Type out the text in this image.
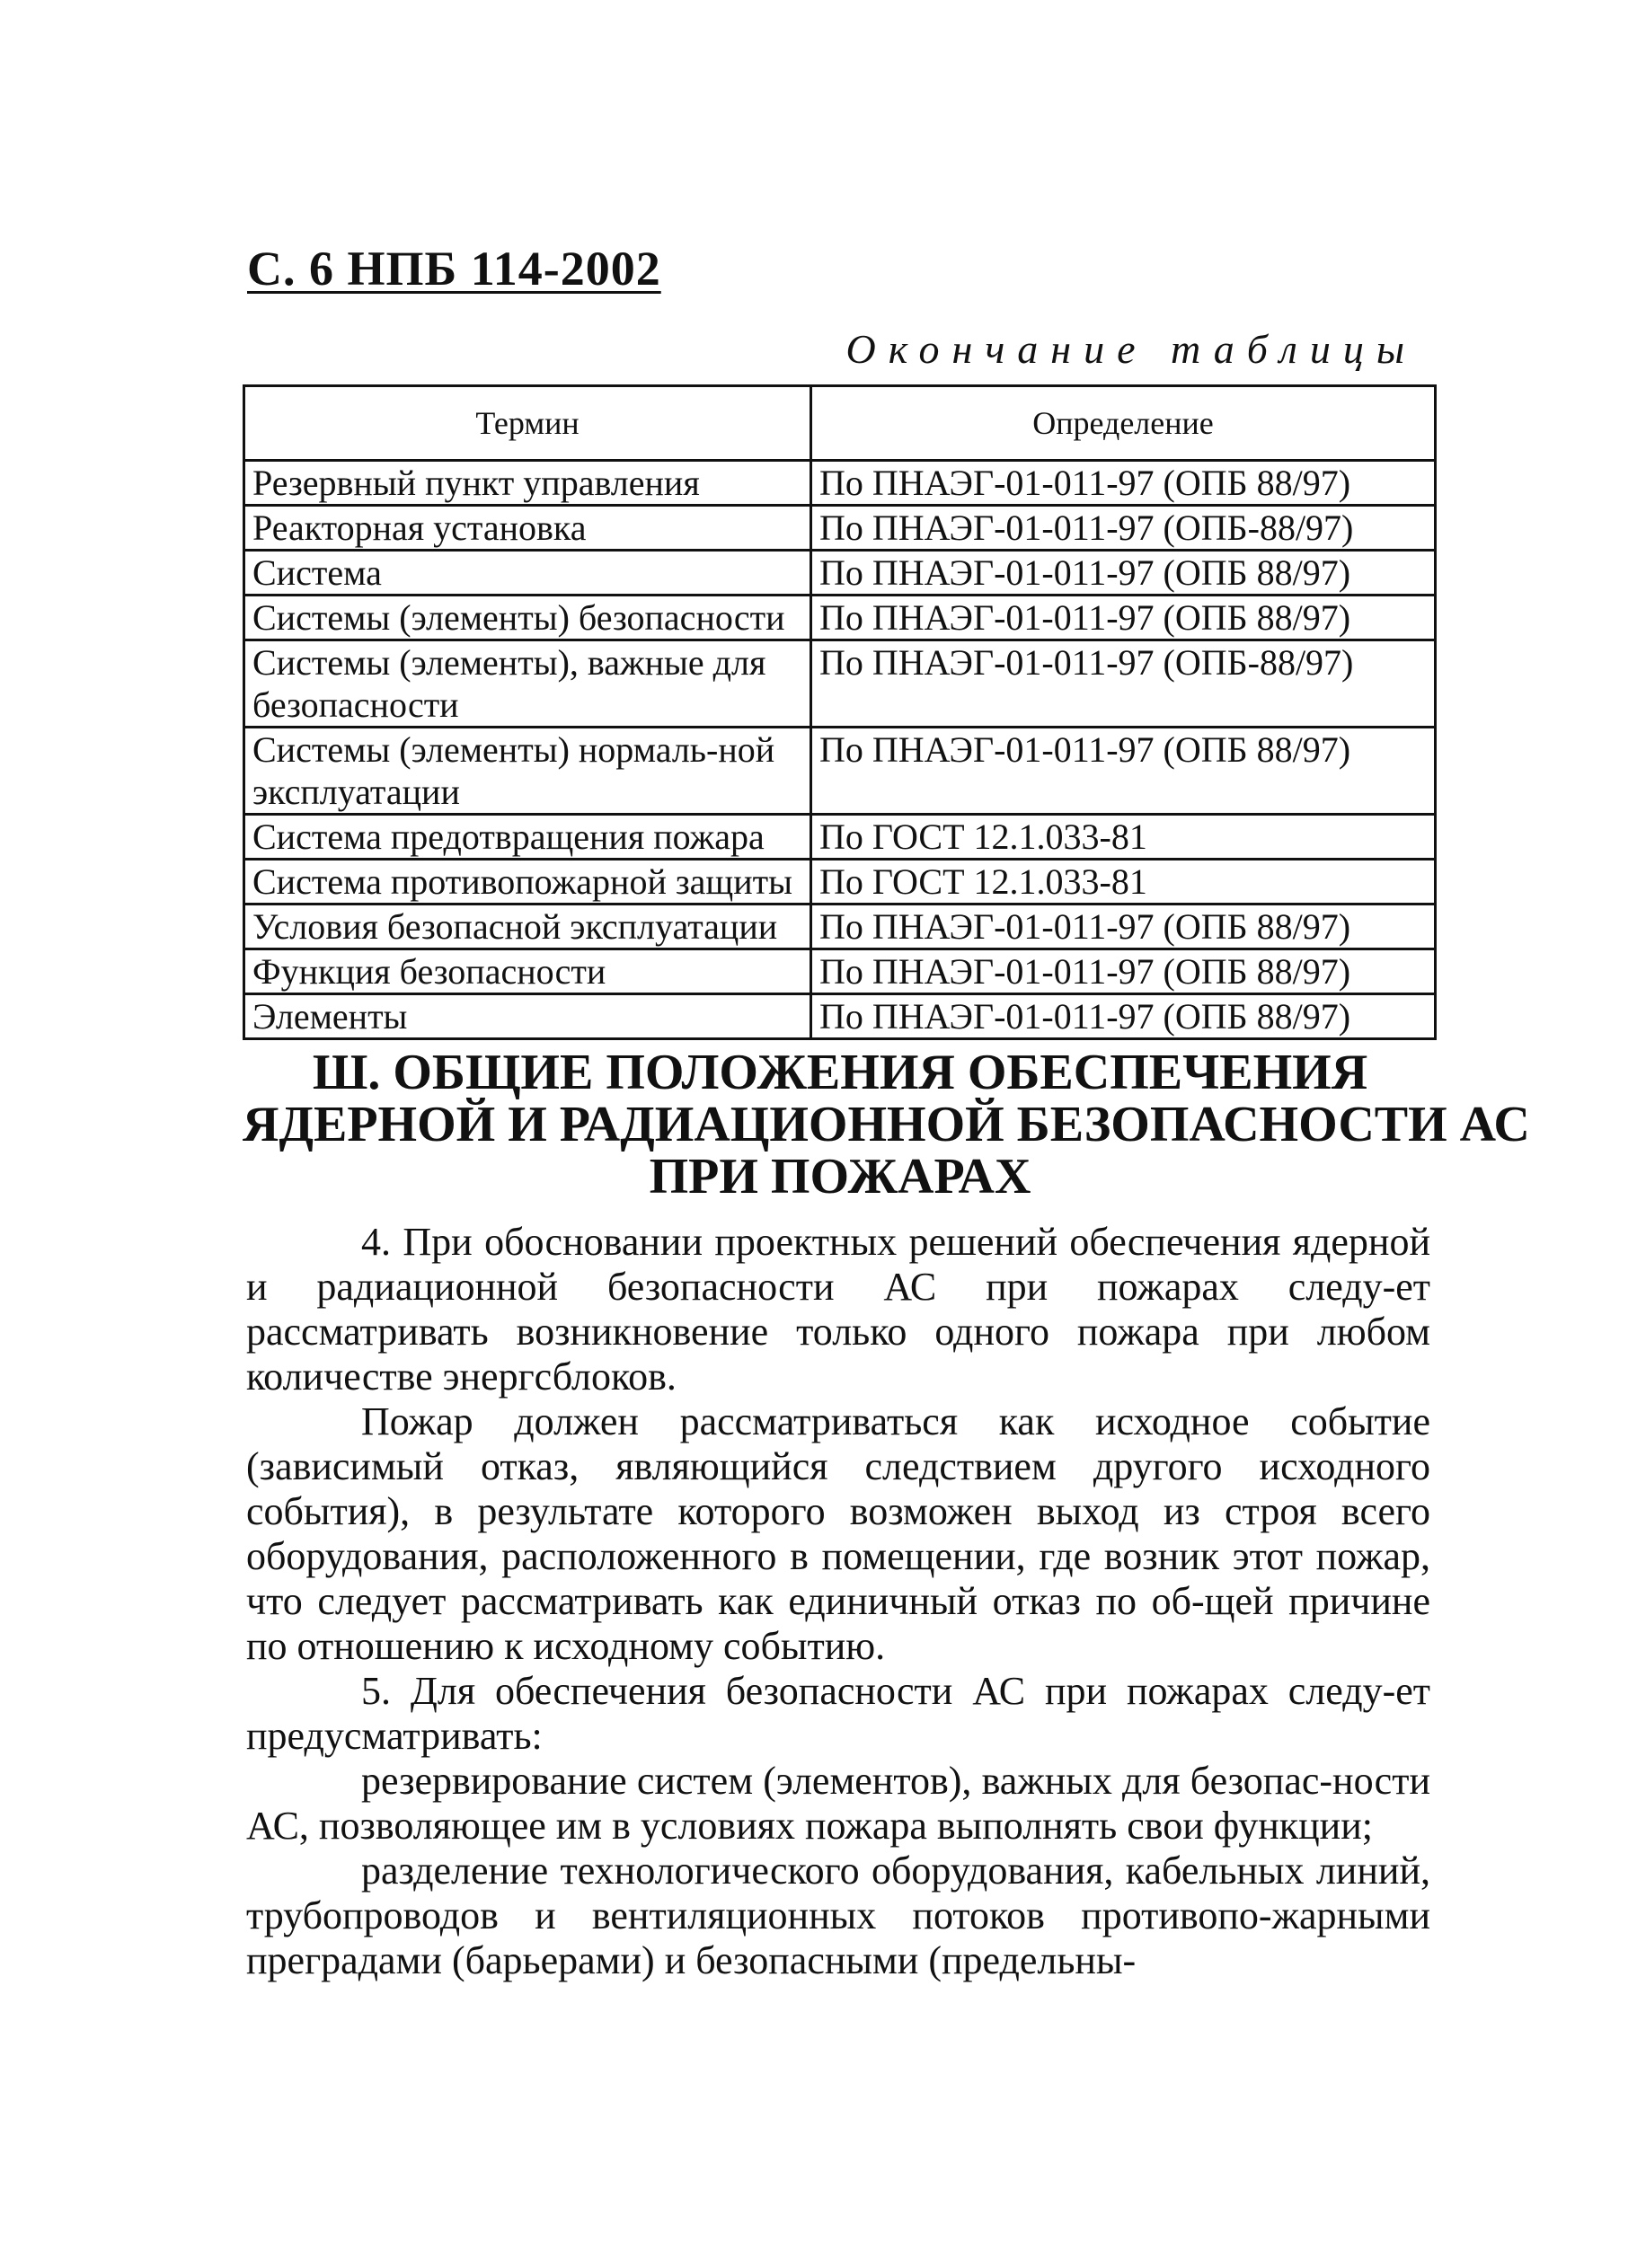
С. 6 НПБ 114-2002
Окончание таблицы
Термин	Определение
Резервный пункт управления	По ПНАЭГ-01-011-97 (ОПБ 88/97)
Реакторная установка	По ПНАЭГ-01-011-97 (ОПБ-88/97)
Система	По ПНАЭГ-01-011-97 (ОПБ 88/97)
Системы (элементы) безопасности	По ПНАЭГ-01-011-97 (ОПБ 88/97)
Системы (элементы), важные для безопасности	По ПНАЭГ-01-011-97 (ОПБ-88/97)
Системы (элементы) нормаль-ной эксплуатации	По ПНАЭГ-01-011-97 (ОПБ 88/97)
Система предотвращения пожара	По ГОСТ 12.1.033-81
Система противопожарной защиты	По ГОСТ 12.1.033-81
Условия безопасной эксплуатации	По ПНАЭГ-01-011-97 (ОПБ 88/97)
Функция безопасности	По ПНАЭГ-01-011-97 (ОПБ 88/97)
Элементы	По ПНАЭГ-01-011-97 (ОПБ 88/97)
Ш. ОБЩИЕ ПОЛОЖЕНИЯ ОБЕСПЕЧЕНИЯ
ЯДЕРНОЙ И РАДИАЦИОННОЙ БЕЗОПАСНОСТИ АС
ПРИ ПОЖАРАХ

4. При обосновании проектных решений обеспечения ядерной и радиационной безопасности АС при пожарах следу-ет рассматривать возникновение только одного пожара при любом количестве энергсблоков.

Пожар должен рассматриваться как исходное событие (зависимый отказ, являющийся следствием другого исходного события), в результате которого возможен выход из строя всего оборудования, расположенного в помещении, где возник этот пожар, что следует рассматривать как единичный отказ по об-щей причине по отношению к исходному событию.

5. Для обеспечения безопасности АС при пожарах следу-ет предусматривать:

резервирование систем (элементов), важных для безопас-ности АС, позволяющее им в условиях пожара выполнять свои функции;

разделение технологического оборудования, кабельных линий, трубопроводов и вентиляционных потоков противопо-жарными преградами (барьерами) и безопасными (предельны-
